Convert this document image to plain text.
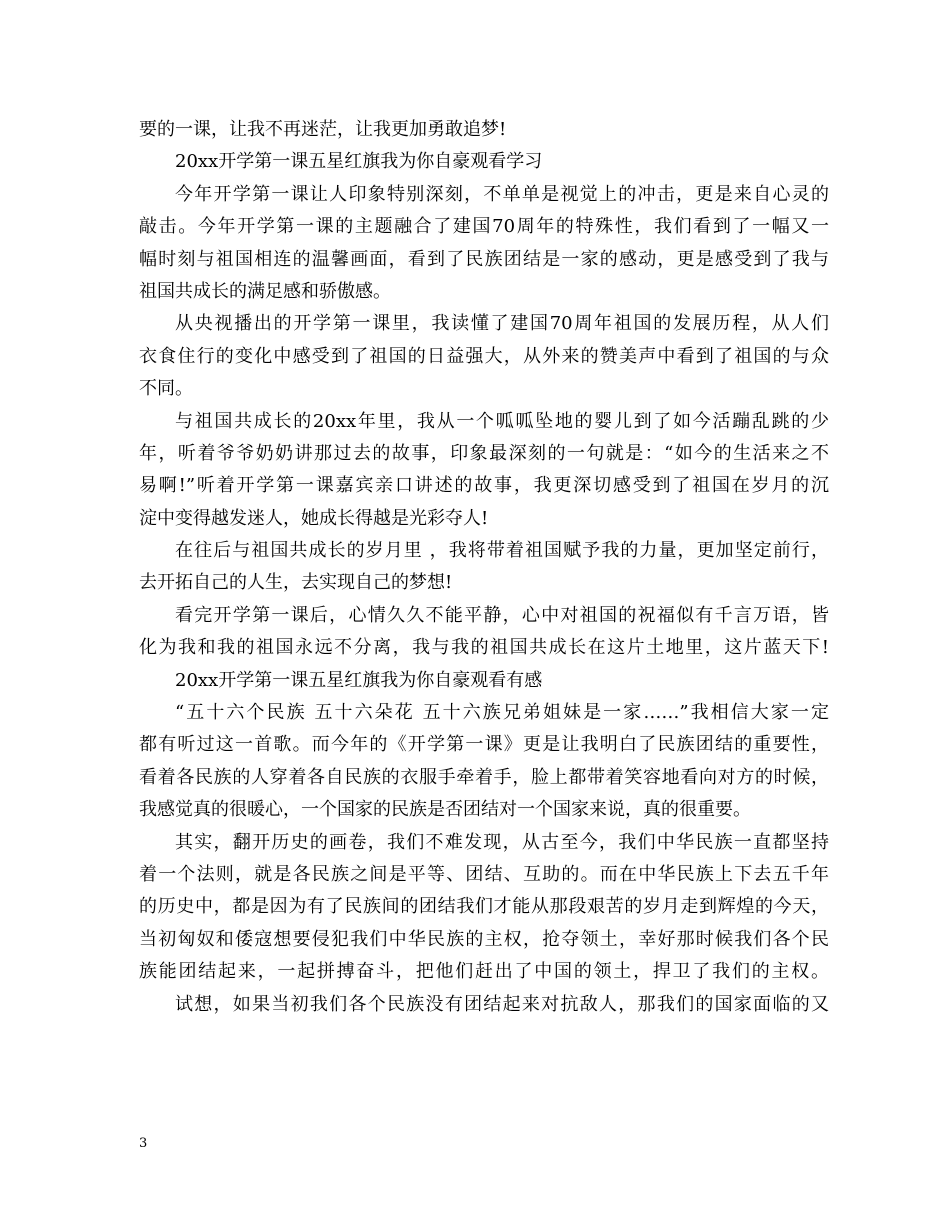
要的一课，让我不再迷茫，让我更加勇敢追梦!
20xx开学第一课五星红旗我为你自豪观看学习
今年开学第一课让人印象特别深刻，不单单是视觉上的冲击，更是来自心灵的
敲击。今年开学第一课的主题融合了建国70周年的特殊性，我们看到了一幅又一
幅时刻与祖国相连的温馨画面，看到了民族团结是一家的感动，更是感受到了我与
祖国共成长的满足感和骄傲感。
从央视播出的开学第一课里，我读懂了建国70周年祖国的发展历程，从人们
衣食住行的变化中感受到了祖国的日益强大，从外来的赞美声中看到了祖国的与众
不同。
与祖国共成长的20xx年里，我从一个呱呱坠地的婴儿到了如今活蹦乱跳的少
年，听着爷爷奶奶讲那过去的故事，印象最深刻的一句就是：“如今的生活来之不
易啊!”听着开学第一课嘉宾亲口讲述的故事，我更深切感受到了祖国在岁月的沉
淀中变得越发迷人，她成长得越是光彩夺人!
在往后与祖国共成长的岁月里 ，我将带着祖国赋予我的力量，更加坚定前行，
去开拓自己的人生，去实现自己的梦想!
看完开学第一课后，心情久久不能平静，心中对祖国的祝福似有千言万语，皆
化为我和我的祖国永远不分离，我与我的祖国共成长在这片土地里，这片蓝天下!
20xx开学第一课五星红旗我为你自豪观看有感
“五十六个民族 五十六朵花 五十六族兄弟姐妹是一家……”我相信大家一定
都有听过这一首歌。而今年的《开学第一课》更是让我明白了民族团结的重要性，
看着各民族的人穿着各自民族的衣服手牵着手，脸上都带着笑容地看向对方的时候，
我感觉真的很暖心，一个国家的民族是否团结对一个国家来说，真的很重要。
其实，翻开历史的画卷，我们不难发现，从古至今，我们中华民族一直都坚持
着一个法则，就是各民族之间是平等、团结、互助的。而在中华民族上下去五千年
的历史中，都是因为有了民族间的团结我们才能从那段艰苦的岁月走到辉煌的今天，
当初匈奴和倭寇想要侵犯我们中华民族的主权，抢夺领土，幸好那时候我们各个民
族能团结起来，一起拼搏奋斗，把他们赶出了中国的领土，捍卫了我们的主权。
试想，如果当初我们各个民族没有团结起来对抗敌人，那我们的国家面临的又
3
